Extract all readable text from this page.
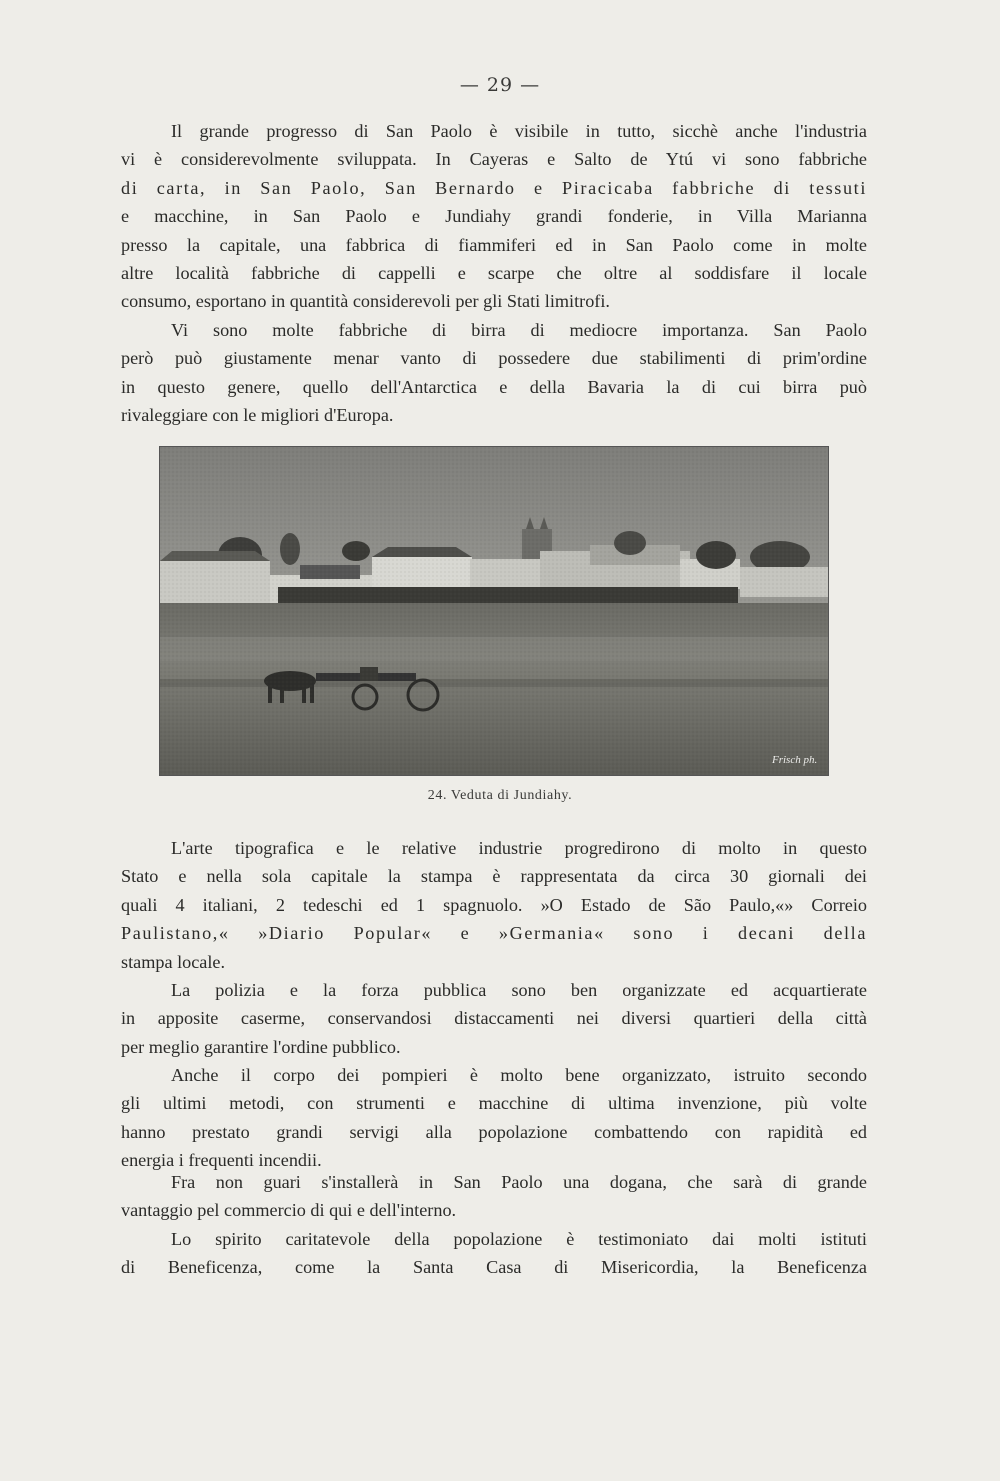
— 29 —

Il grande progresso di San Paolo è visibile in tutto, sicchè anche l'industria
vi è considerevolmente sviluppata. In Cayeras e Salto de Ytú vi sono fabbriche
di carta, in San Paolo, San Bernardo e Piracicaba fabbriche di tessuti
e macchine, in San Paolo e Jundiahy grandi fonderie, in Villa Marianna
presso la capitale, una fabbrica di fiammiferi ed in San Paolo come in molte
altre località fabbriche di cappelli e scarpe che oltre al soddisfare il locale
consumo, esportano in quantità considerevoli per gli Stati limitrofi.

Vi sono molte fabbriche di birra di mediocre importanza. San Paolo
però può giustamente menar vanto di possedere due stabilimenti di prim'ordine
in questo genere, quello dell'Antarctica e della Bavaria la di cui birra può
rivaleggiare con le migliori d'Europa.

Frisch ph.
24. Veduta di Jundiahy.

L'arte tipografica e le relative industrie progredirono di molto in questo
Stato e nella sola capitale la stampa è rappresentata da circa 30 giornali dei
quali 4 italiani, 2 tedeschi ed 1 spagnuolo. »O Estado de São Paulo,«» Correio
Paulistano,« »Diario Popular« e »Germania« sono i decani della
stampa locale.

La polizia e la forza pubblica sono ben organizzate ed acquartierate
in apposite caserme, conservandosi distaccamenti nei diversi quartieri della città
per meglio garantire l'ordine pubblico.

Anche il corpo dei pompieri è molto bene organizzato, istruito secondo
gli ultimi metodi, con strumenti e macchine di ultima invenzione, più volte
hanno prestato grandi servigi alla popolazione combattendo con rapidità ed
energia i frequenti incendii.

Fra non guari s'installerà in San Paolo una dogana, che sarà di grande
vantaggio pel commercio di qui e dell'interno.

Lo spirito caritatevole della popolazione è testimoniato dai molti istituti
di Beneficenza, come la Santa Casa di Misericordia, la Beneficenza
